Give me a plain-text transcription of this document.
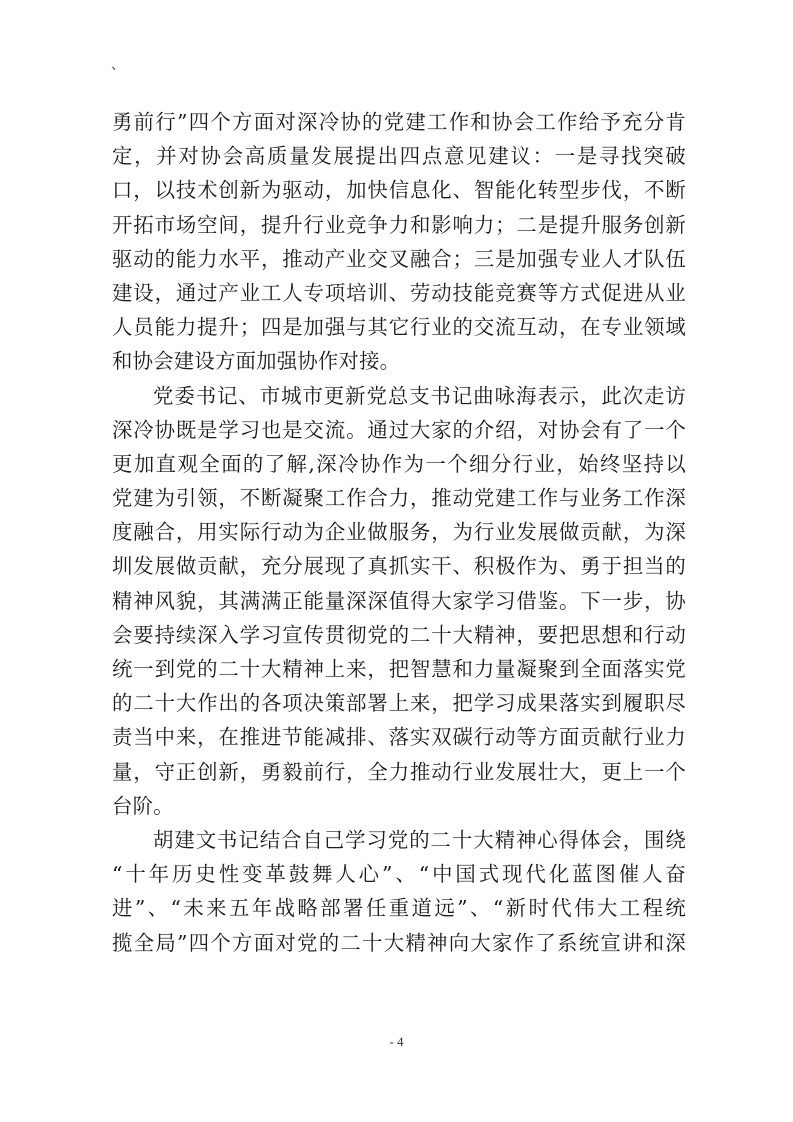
、
勇前行”四个方面对深冷协的党建工作和协会工作给予充分肯
定，并对协会高质量发展提出四点意见建议：一是寻找突破
口，以技术创新为驱动，加快信息化、智能化转型步伐，不断
开拓市场空间，提升行业竞争力和影响力；二是提升服务创新
驱动的能力水平，推动产业交叉融合；三是加强专业人才队伍
建设，通过产业工人专项培训、劳动技能竞赛等方式促进从业
人员能力提升；四是加强与其它行业的交流互动，在专业领域
和协会建设方面加强协作对接。
党委书记、市城市更新党总支书记曲咏海表示，此次走访
深冷协既是学习也是交流。通过大家的介绍，对协会有了一个
更加直观全面的了解,深冷协作为一个细分行业，始终坚持以
党建为引领，不断凝聚工作合力，推动党建工作与业务工作深
度融合，用实际行动为企业做服务，为行业发展做贡献，为深
圳发展做贡献，充分展现了真抓实干、积极作为、勇于担当的
精神风貌，其满满正能量深深值得大家学习借鉴。下一步，协
会要持续深入学习宣传贯彻党的二十大精神，要把思想和行动
统一到党的二十大精神上来，把智慧和力量凝聚到全面落实党
的二十大作出的各项决策部署上来，把学习成果落实到履职尽
责当中来，在推进节能减排、落实双碳行动等方面贡献行业力
量，守正创新，勇毅前行，全力推动行业发展壮大，更上一个
台阶。
胡建文书记结合自己学习党的二十大精神心得体会，围绕
“十年历史性变革鼓舞人心”、“中国式现代化蓝图催人奋
进”、“未来五年战略部署任重道远”、“新时代伟大工程统
揽全局”四个方面对党的二十大精神向大家作了系统宣讲和深
- 4
